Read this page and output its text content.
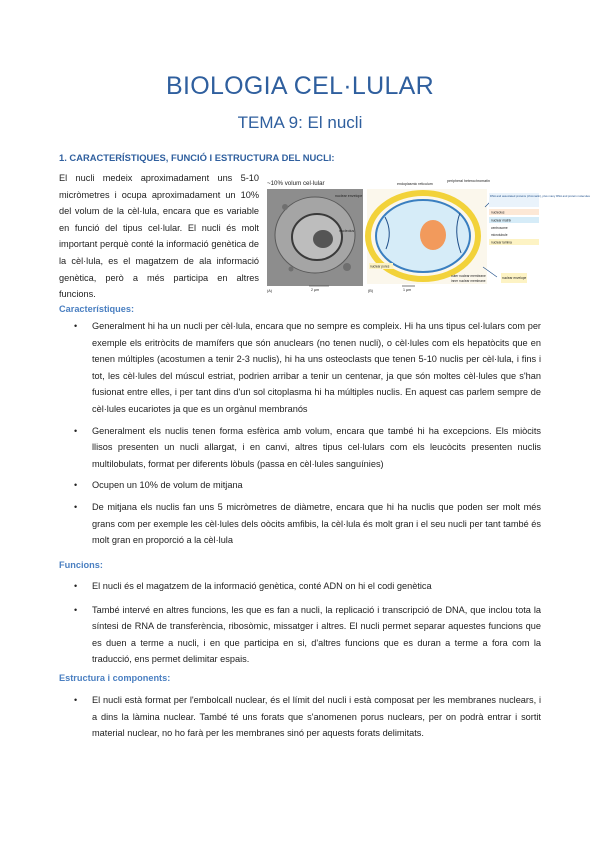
BIOLOGIA CEL·LULAR
TEMA 9: El nucli
1. CARACTERÍSTIQUES, FUNCIÓ I ESTRUCTURA DEL NUCLI:
El nucli medeix aproximadament uns 5-10 micròmetres i ocupa aproximadament un 10% del volum de la cèl·lula, encara que es variable en funció del tipus cel·lular. El nucli és molt important perquè conté la informació genètica de la cèl·lula, es el magatzem de ala informació genètica, però a més participa en altres funcions.
~10% volum cel·lular
nuclear envelope
nucleolus
(A)	2 µm	(B)	1 µm
endoplasmic reticulum
peripheral heterochromatin
DNA and associated proteins (chromatin), plus many RNA and protein molecules
nucleolus
nuclear matrix
centrosome
microtubule
nuclear lamina
nuclear pores
outer nuclear membrane
inner nuclear membrane
nuclear envelope
Característiques:
• Generalment hi ha un nucli per cèl·lula, encara que no sempre es compleix. Hi ha uns tipus cel·lulars com per exemple els eritròcits de mamífers que són anuclears (no tenen nucli), o cèl·lules com els hepatòcits que en tenen múltiples (acostumen a tenir 2-3 nuclis), hi ha uns osteoclasts que tenen 5-10 nuclis per cèl·lula, i fins i tot, les cèl·lules del múscul estriat, podrien arribar a tenir un centenar, ja que són moltes cèl·lules que s'han fusionat entre elles, i per tant dins d'un sol citoplasma hi ha múltiples nuclis. En aquest cas parlem sempre de cèl·lules eucariotes ja que es un orgànul membranós
• Generalment els nuclis tenen forma esfèrica amb volum, encara que també hi ha excepcions. Els miòcits llisos presenten un nucli allargat, i en canvi, altres tipus cel·lulars com els leucòcits presenten nuclis multilobulats, format per diferents lòbuls (passa en cèl·lules sanguínies)
• Ocupen un 10% de volum de mitjana
• De mitjana els nuclis fan uns 5 micròmetres de diàmetre, encara que hi ha nuclis que poden ser molt més grans com per exemple les cèl·lules dels oòcits amfibis, la cèl·lula és molt gran i el seu nucli per tant també és molt gran en proporció a la cèl·lula
Funcions:
• El nucli és el magatzem de la informació genètica, conté ADN on hi el codi genètica
• També intervé en altres funcions, les que es fan a nucli, la replicació i transcripció de DNA, que inclou tota la síntesi de RNA de transferència, ribosòmic, missatger i altres. El nucli permet separar aquestes funcions que es duen a terme a nucli, i en que participa en si, d'altres funcions que es duran a terme a fora com la traducció, ens permet delimitar espais.
Estructura i components:
• El nucli està format per l'embolcall nuclear, és el límit del nucli i està composat per les membranes nuclears, i a dins la làmina nuclear. També té uns forats que s'anomenen porus nuclears, per on podrà entrar i sortit material nuclear, no ho farà per les membranes sinó per aquests forats delimitats.
